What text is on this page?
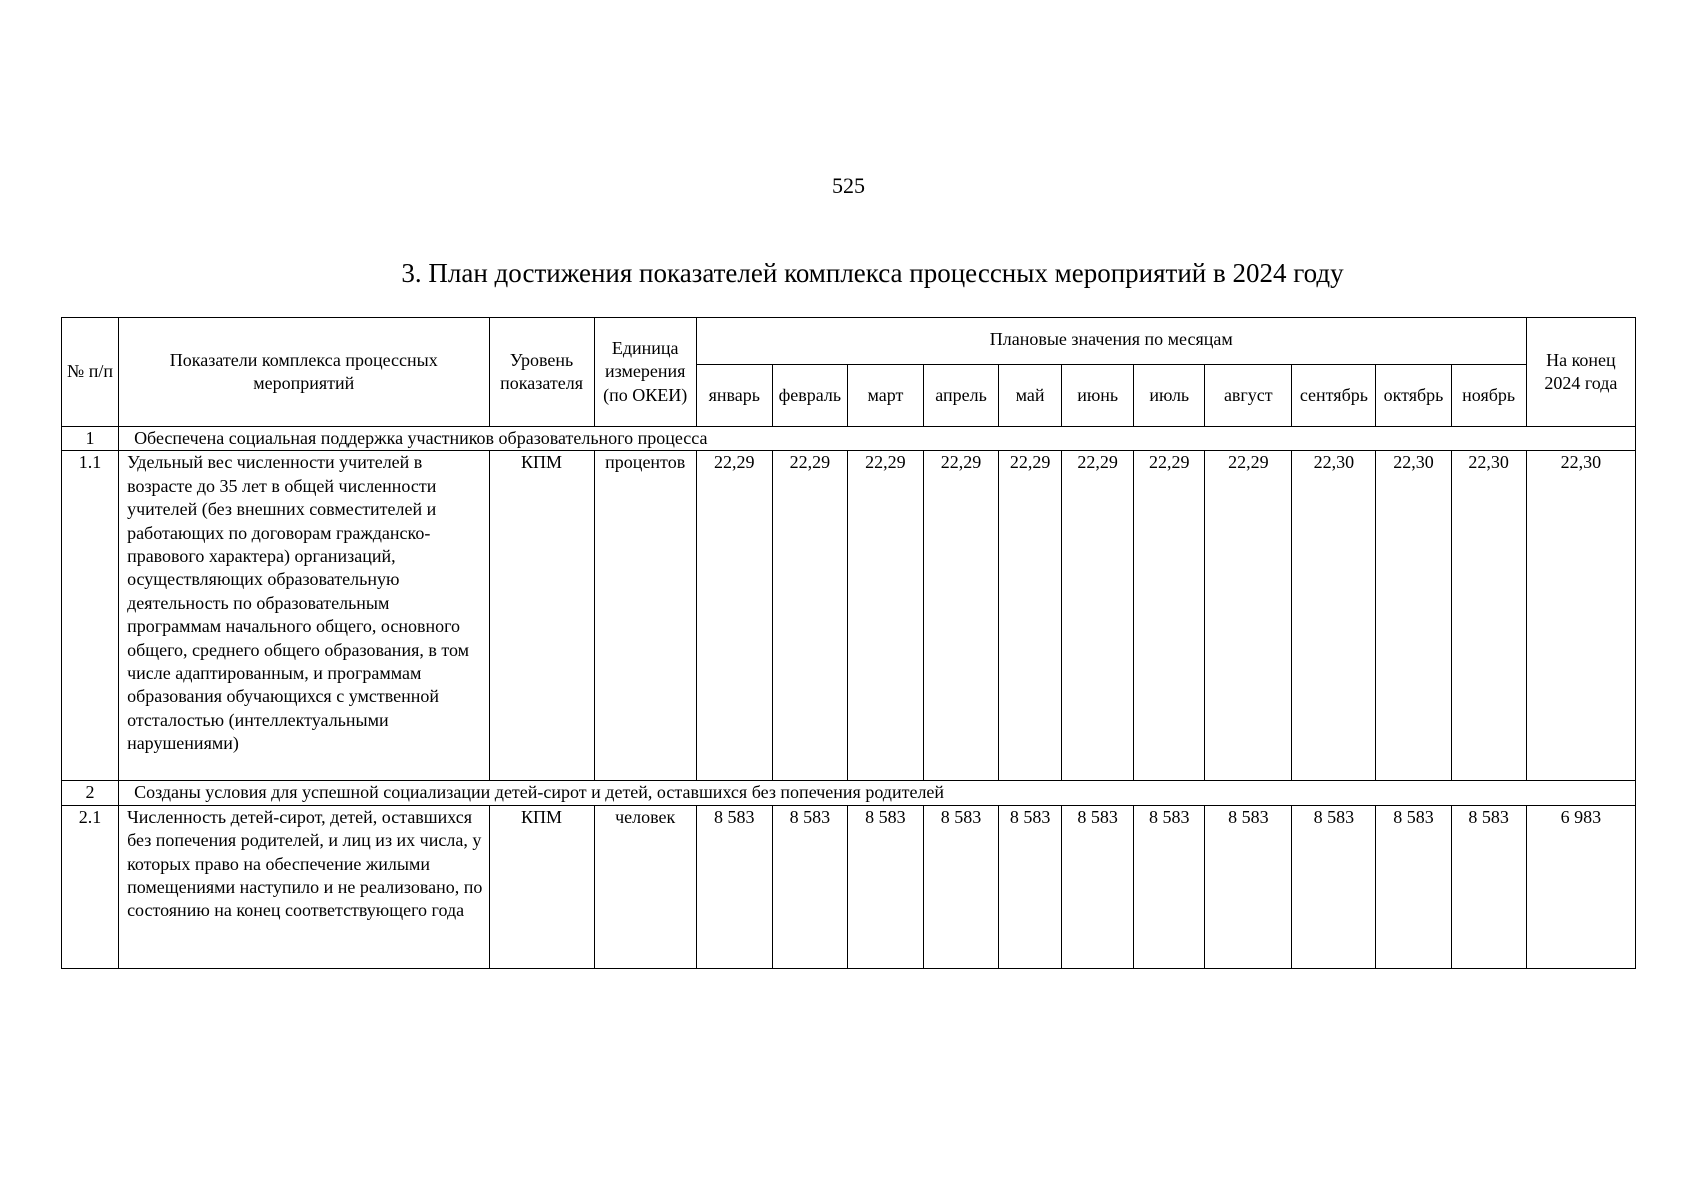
525
3. План достижения показателей комплекса процессных мероприятий в 2024 году
№ п/п	Показатели комплекса процессных мероприятий	Уровень показателя	Единица измерения (по ОКЕИ)	Плановые значения по месяцам											На конец 2024 года
				январь	февраль	март	апрель	май	июнь	июль	август	сентябрь	октябрь	ноябрь	
1	Обеспечена социальная поддержка участников образовательного процесса														
1.1	Удельный вес численности учителей в возрасте до 35 лет в общей численности учителей (без внешних совместителей и работающих по договорам гражданско-правового характера) организаций, осуществляющих образовательную деятельность по образовательным программам начального общего, основного общего, среднего общего образования, в том числе адаптированным, и программам образования обучающихся с умственной отсталостью (интеллектуальными нарушениями)	КПМ	процентов	22,29	22,29	22,29	22,29	22,29	22,29	22,29	22,29	22,30	22,30	22,30	22,30
2	Созданы условия для успешной социализации детей-сирот и детей, оставшихся без попечения родителей														
2.1	Численность детей-сирот, детей, оставшихся без попечения родителей, и лиц из их числа, у которых право на обеспечение жилыми помещениями наступило и не реализовано, по состоянию на конец соответствующего года	КПМ	человек	8 583	8 583	8 583	8 583	8 583	8 583	8 583	8 583	8 583	8 583	8 583	6 983
